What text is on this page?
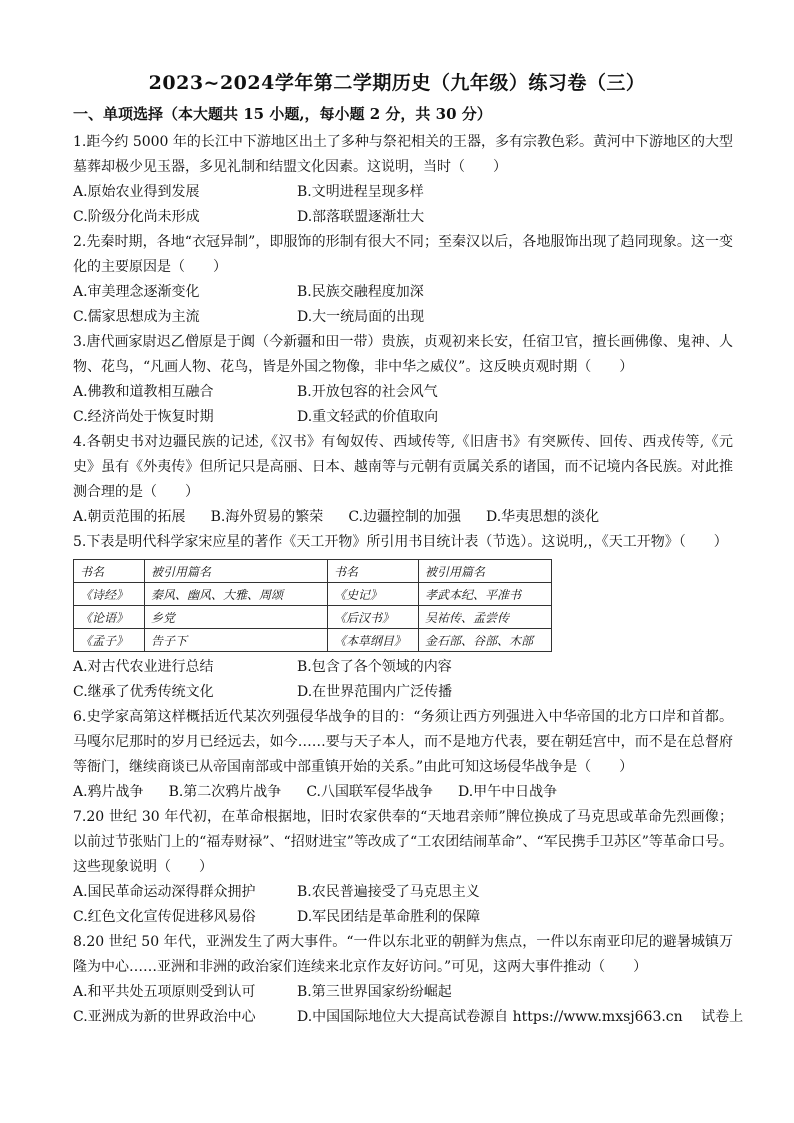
2023~2024学年第二学期历史（九年级）练习卷（三）
一、单项选择（本大题共 15 小题,，每小题 2 分，共 30 分）

1.距今约 5000 年的长江中下游地区出土了多种与祭祀相关的王器，多有宗教色彩。黄河中下游地区的大型墓葬却极少见玉器，多见礼制和结盟文化因素。这说明，当时（　　）

A.原始农业得到发展	B.文明进程呈现多样
C.阶级分化尚未形成	D.部落联盟逐渐壮大

2.先秦时期，各地“衣冠异制”，即服饰的形制有很大不同；至秦汉以后，各地服饰出现了趋同现象。这一变化的主要原因是（　　）

A.审美理念逐渐变化	B.民族交融程度加深
C.儒家思想成为主流	D.大一统局面的出现

3.唐代画家尉迟乙僧原是于阗（今新疆和田一带）贵族，贞观初来长安，任宿卫官，擅长画佛像、鬼神、人物、花鸟，“凡画人物、花鸟，皆是外国之物像，非中华之威仪”。这反映贞观时期（　　）

A.佛教和道教相互融合	B.开放包容的社会风气
C.经济尚处于恢复时期	D.重文轻武的价值取向

4.各朝史书对边疆民族的记述,《汉书》有匈奴传、西域传等,《旧唐书》有突厥传、回传、西戎传等,《元史》虽有《外夷传》但所记只是高丽、日本、越南等与元朝有贡属关系的诸国，而不记境内各民族。对此推测合理的是（　　）

A.朝贡范围的拓展 B.海外贸易的繁荣 C.边疆控制的加强 D.华夷思想的淡化

5.下表是明代科学家宋应星的著作《天工开物》所引用书目统计表（节选）。这说明,，《天工开物》（　　）

书名	被引用篇名	书名	被引用篇名
《诗经》	秦风、幽风、大雅、周颂	《史记》	孝武本纪、平准书
《论语》	乡党	《后汉书》	吴祐传、孟尝传
《孟子》	告子下	《本草纲目》	金石部、谷部、木部
A.对古代农业进行总结	B.包含了各个领域的内容
C.继承了优秀传统文化	D.在世界范围内广泛传播

6.史学家高第这样概括近代某次列强侵华战争的目的：“务须让西方列强进入中华帝国的北方口岸和首都。马嘎尔尼那时的岁月已经远去，如今……要与天子本人，而不是地方代表，要在朝廷宫中，而不是在总督府等衙门，继续商谈已从帝国南部或中部重镇开始的关系。”由此可知这场侵华战争是（　　）

A.鸦片战争 B.第二次鸦片战争 C.八国联军侵华战争 D.甲午中日战争

7.20 世纪 30 年代初，在革命根据地，旧时农家供奉的“天地君亲师”牌位换成了马克思或革命先烈画像；以前过节张贴门上的“福寿财禄”、“招财进宝”等改成了“工农团结闹革命”、“军民携手卫苏区”等革命口号。这些现象说明（　　）

A.国民革命运动深得群众拥护	B.农民普遍接受了马克思主义
C.红色文化宣传促进移风易俗	D.军民团结是革命胜利的保障

8.20 世纪 50 年代，亚洲发生了两大事件。“一件以东北亚的朝鲜为焦点，一件以东南亚印尼的避暑城镇万隆为中心……亚洲和非洲的政治家们连续来北京作友好访问。”可见，这两大事件推动（　　）

A.和平共处五项原则受到认可	B.第三世界国家纷纷崛起
C.亚洲成为新的世界政治中心	D.中国国际地位大大提高试卷源自 https://www.mxsj663.cn　 试卷上
